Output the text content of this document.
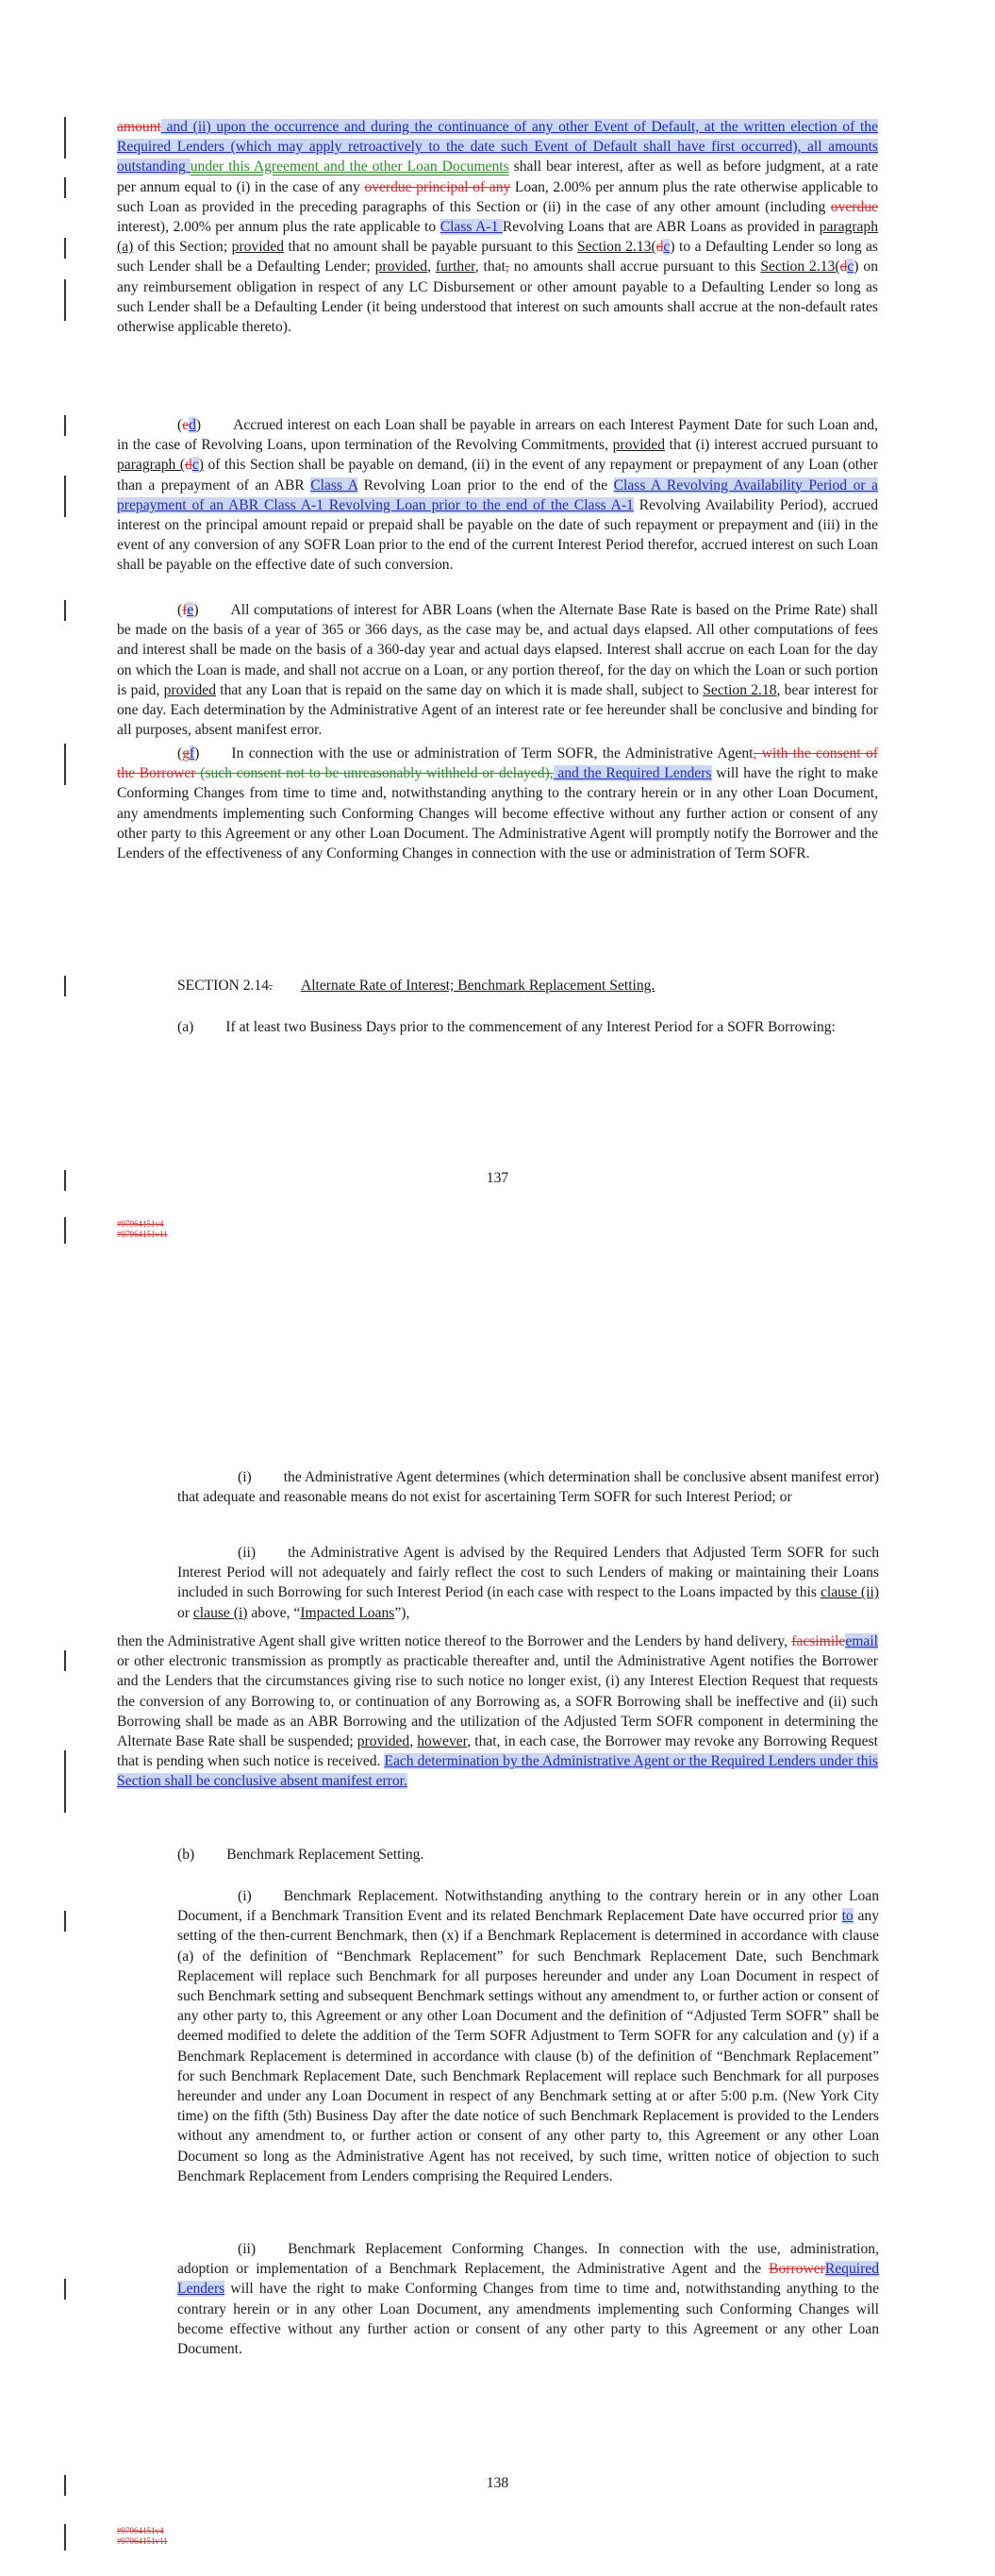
amount and (ii) upon the occurrence and during the continuance of any other Event of Default, at the written election of the Required Lenders (which may apply retroactively to the date such Event of Default shall have first occurred), all amounts outstanding under this Agreement and the other Loan Documents shall bear interest, after as well as before judgment, at a rate per annum equal to (i) in the case of any overdue principal of any Loan, 2.00% per annum plus the rate otherwise applicable to such Loan as provided in the preceding paragraphs of this Section or (ii) in the case of any other amount (including overdue interest), 2.00% per annum plus the rate applicable to Class A-1 Revolving Loans that are ABR Loans as provided in paragraph (a) of this Section; provided that no amount shall be payable pursuant to this Section 2.13(dc) to a Defaulting Lender so long as such Lender shall be a Defaulting Lender; provided, further, that, no amounts shall accrue pursuant to this Section 2.13(dc) on any reimbursement obligation in respect of any LC Disbursement or other amount payable to a Defaulting Lender so long as such Lender shall be a Defaulting Lender (it being understood that interest on such amounts shall accrue at the non-default rates otherwise applicable thereto).

(ed) Accrued interest on each Loan shall be payable in arrears on each Interest Payment Date for such Loan and, in the case of Revolving Loans, upon termination of the Revolving Commitments, provided that (i) interest accrued pursuant to paragraph (dc) of this Section shall be payable on demand, (ii) in the event of any repayment or prepayment of any Loan (other than a prepayment of an ABR Class A Revolving Loan prior to the end of the Class A Revolving Availability Period or a prepayment of an ABR Class A-1 Revolving Loan prior to the end of the Class A-1 Revolving Availability Period), accrued interest on the principal amount repaid or prepaid shall be payable on the date of such repayment or prepayment and (iii) in the event of any conversion of any SOFR Loan prior to the end of the current Interest Period therefor, accrued interest on such Loan shall be payable on the effective date of such conversion.

(fe) All computations of interest for ABR Loans (when the Alternate Base Rate is based on the Prime Rate) shall be made on the basis of a year of 365 or 366 days, as the case may be, and actual days elapsed. All other computations of fees and interest shall be made on the basis of a 360-day year and actual days elapsed. Interest shall accrue on each Loan for the day on which the Loan is made, and shall not accrue on a Loan, or any portion thereof, for the day on which the Loan or such portion is paid, provided that any Loan that is repaid on the same day on which it is made shall, subject to Section 2.18, bear interest for one day. Each determination by the Administrative Agent of an interest rate or fee hereunder shall be conclusive and binding for all purposes, absent manifest error.

(gf) In connection with the use or administration of Term SOFR, the Administrative Agent, with the consent of the Borrower (such consent not to be unreasonably withheld or delayed), and the Required Lenders will have the right to make Conforming Changes from time to time and, notwithstanding anything to the contrary herein or in any other Loan Document, any amendments implementing such Conforming Changes will become effective without any further action or consent of any other party to this Agreement or any other Loan Document. The Administrative Agent will promptly notify the Borrower and the Lenders of the effectiveness of any Conforming Changes in connection with the use or administration of Term SOFR.

SECTION 2.14. Alternate Rate of Interest; Benchmark Replacement Setting.

(a) If at least two Business Days prior to the commencement of any Interest Period for a SOFR Borrowing:

137
#97964151v4
#97964151v11

(i) the Administrative Agent determines (which determination shall be conclusive absent manifest error) that adequate and reasonable means do not exist for ascertaining Term SOFR for such Interest Period; or

(ii) the Administrative Agent is advised by the Required Lenders that Adjusted Term SOFR for such Interest Period will not adequately and fairly reflect the cost to such Lenders of making or maintaining their Loans included in such Borrowing for such Interest Period (in each case with respect to the Loans impacted by this clause (ii) or clause (i) above, “Impacted Loans”),

then the Administrative Agent shall give written notice thereof to the Borrower and the Lenders by hand delivery, facsimileemail or other electronic transmission as promptly as practicable thereafter and, until the Administrative Agent notifies the Borrower and the Lenders that the circumstances giving rise to such notice no longer exist, (i) any Interest Election Request that requests the conversion of any Borrowing to, or continuation of any Borrowing as, a SOFR Borrowing shall be ineffective and (ii) such Borrowing shall be made as an ABR Borrowing and the utilization of the Adjusted Term SOFR component in determining the Alternate Base Rate shall be suspended; provided, however, that, in each case, the Borrower may revoke any Borrowing Request that is pending when such notice is received. Each determination by the Administrative Agent or the Required Lenders under this Section shall be conclusive absent manifest error.

(b) Benchmark Replacement Setting.

(i) Benchmark Replacement. Notwithstanding anything to the contrary herein or in any other Loan Document, if a Benchmark Transition Event and its related Benchmark Replacement Date have occurred prior to any setting of the then-current Benchmark, then (x) if a Benchmark Replacement is determined in accordance with clause (a) of the definition of “Benchmark Replacement” for such Benchmark Replacement Date, such Benchmark Replacement will replace such Benchmark for all purposes hereunder and under any Loan Document in respect of such Benchmark setting and subsequent Benchmark settings without any amendment to, or further action or consent of any other party to, this Agreement or any other Loan Document and the definition of “Adjusted Term SOFR” shall be deemed modified to delete the addition of the Term SOFR Adjustment to Term SOFR for any calculation and (y) if a Benchmark Replacement is determined in accordance with clause (b) of the definition of “Benchmark Replacement” for such Benchmark Replacement Date, such Benchmark Replacement will replace such Benchmark for all purposes hereunder and under any Loan Document in respect of any Benchmark setting at or after 5:00 p.m. (New York City time) on the fifth (5th) Business Day after the date notice of such Benchmark Replacement is provided to the Lenders without any amendment to, or further action or consent of any other party to, this Agreement or any other Loan Document so long as the Administrative Agent has not received, by such time, written notice of objection to such Benchmark Replacement from Lenders comprising the Required Lenders.

(ii) Benchmark Replacement Conforming Changes. In connection with the use, administration, adoption or implementation of a Benchmark Replacement, the Administrative Agent and the BorrowerRequired Lenders will have the right to make Conforming Changes from time to time and, notwithstanding anything to the contrary herein or in any other Loan Document, any amendments implementing such Conforming Changes will become effective without any further action or consent of any other party to this Agreement or any other Loan Document.

138
#97964151v4
#97964151v11
